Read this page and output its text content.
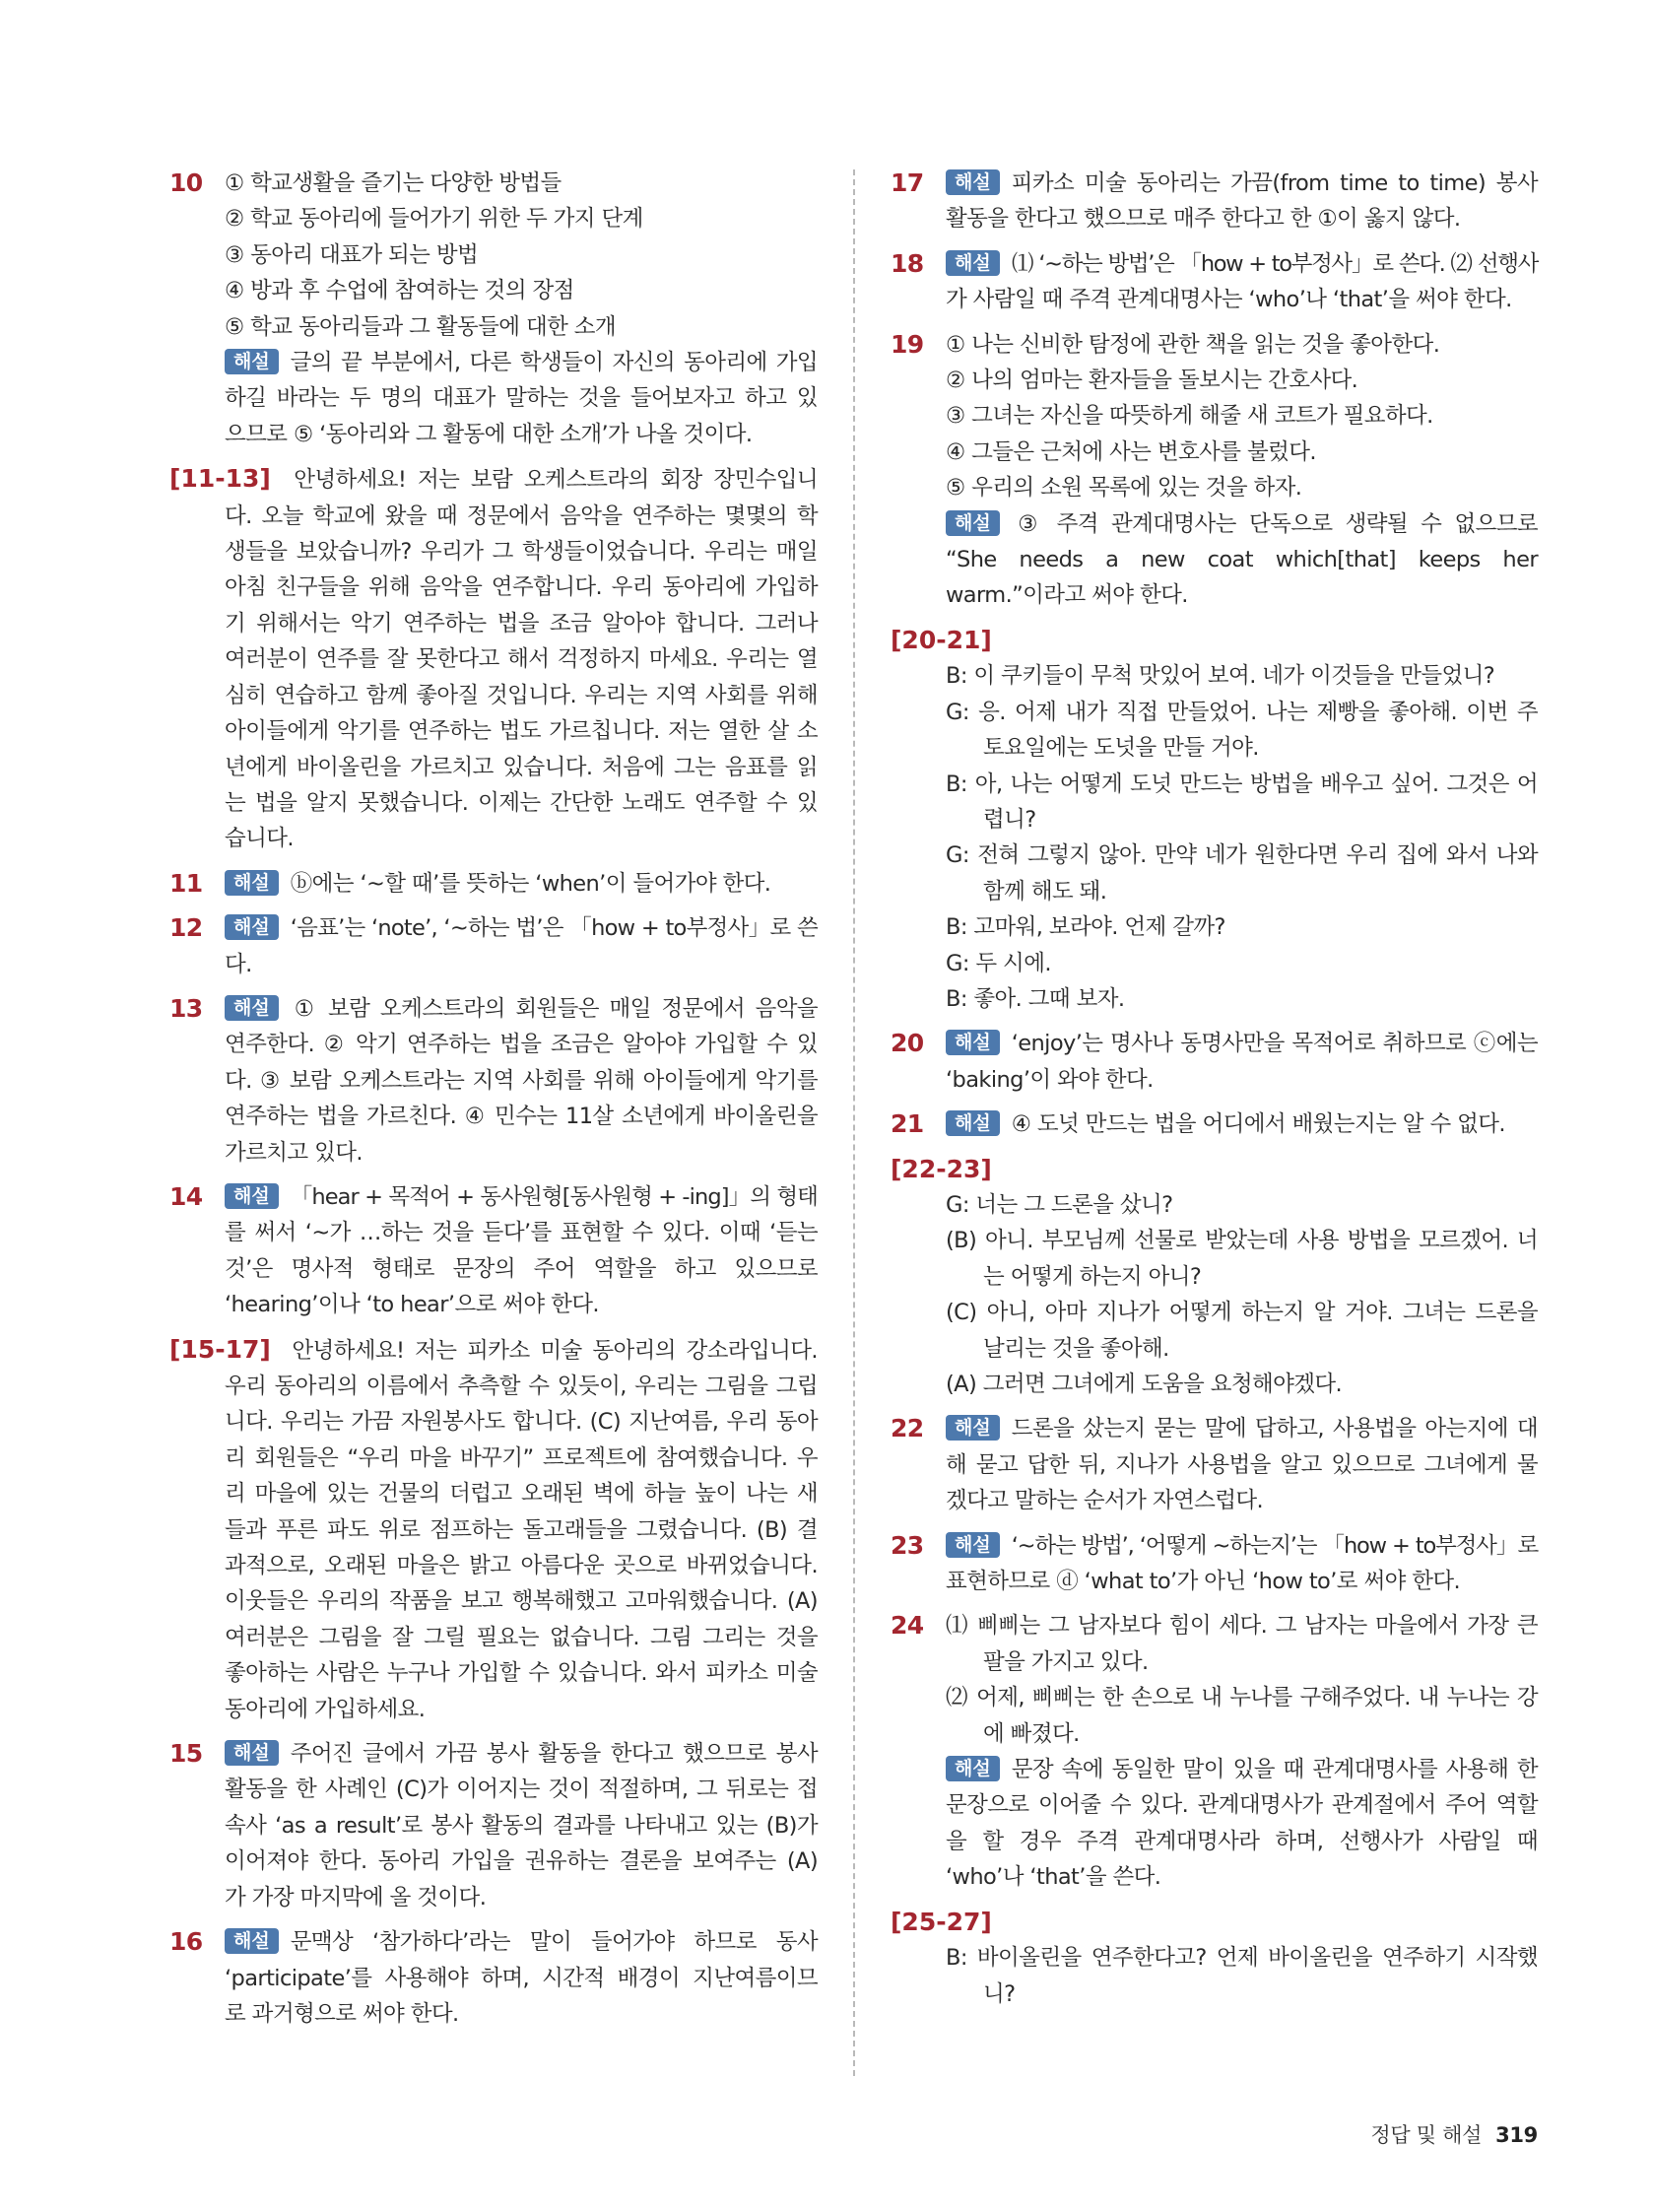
10 ① 학교생활을 즐기는 다양한 방법들
② 학교 동아리에 들어가기 위한 두 가지 단계
③ 동아리 대표가 되는 방법
④ 방과 후 수업에 참여하는 것의 장점
⑤ 학교 동아리들과 그 활동들에 대한 소개
해설 글의 끝 부분에서, 다른 학생들이 자신의 동아리에 가입
하길 바라는 두 명의 대표가 말하는 것을 들어보자고 하고 있
으므로 ⑤ ‘동아리와 그 활동에 대한 소개’가 나올 것이다.
[11-13] 안녕하세요! 저는 보람 오케스트라의 회장 장민수입니
다. 오늘 학교에 왔을 때 정문에서 음악을 연주하는 몇몇의 학
생들을 보았습니까? 우리가 그 학생들이었습니다. 우리는 매일
아침 친구들을 위해 음악을 연주합니다. 우리 동아리에 가입하
기 위해서는 악기 연주하는 법을 조금 알아야 합니다. 그러나
여러분이 연주를 잘 못한다고 해서 걱정하지 마세요. 우리는 열
심히 연습하고 함께 좋아질 것입니다. 우리는 지역 사회를 위해
아이들에게 악기를 연주하는 법도 가르칩니다. 저는 열한 살 소
년에게 바이올린을 가르치고 있습니다. 처음에 그는 음표를 읽
는 법을 알지 못했습니다. 이제는 간단한 노래도 연주할 수 있
습니다.
11	해설 ⓑ에는 ‘~할 때’를 뜻하는 ‘when’이 들어가야 한다.
12	해설 ‘음표’는 ‘note’, ‘~하는 법’은 「how + to부정사」로 쓴
다.
13	해설 ① 보람 오케스트라의 회원들은 매일 정문에서 음악을
연주한다. ② 악기 연주하는 법을 조금은 알아야 가입할 수 있
다. ③ 보람 오케스트라는 지역 사회를 위해 아이들에게 악기를
연주하는 법을 가르친다. ④ 민수는 11살 소년에게 바이올린을
가르치고 있다.
14	해설 「hear + 목적어 + 동사원형[동사원형 + -ing]」의 형태
를 써서 ‘~가 …하는 것을 듣다’를 표현할 수 있다. 이때 ‘듣는
것’은 명사적 형태로 문장의 주어 역할을 하고 있으므로
‘hearing’이나 ‘to hear’으로 써야 한다.
[15-17] 안녕하세요! 저는 피카소 미술 동아리의 강소라입니다.
우리 동아리의 이름에서 추측할 수 있듯이, 우리는 그림을 그립
니다. 우리는 가끔 자원봉사도 합니다. (C) 지난여름, 우리 동아
리 회원들은 “우리 마을 바꾸기” 프로젝트에 참여했습니다. 우
리 마을에 있는 건물의 더럽고 오래된 벽에 하늘 높이 나는 새
들과 푸른 파도 위로 점프하는 돌고래들을 그렸습니다. (B) 결
과적으로, 오래된 마을은 밝고 아름다운 곳으로 바뀌었습니다.
이웃들은 우리의 작품을 보고 행복해했고 고마워했습니다. (A)
여러분은 그림을 잘 그릴 필요는 없습니다. 그림 그리는 것을
좋아하는 사람은 누구나 가입할 수 있습니다. 와서 피카소 미술
동아리에 가입하세요.
15	해설 주어진 글에서 가끔 봉사 활동을 한다고 했으므로 봉사
활동을 한 사례인 (C)가 이어지는 것이 적절하며, 그 뒤로는 접
속사 ‘as a result’로 봉사 활동의 결과를 나타내고 있는 (B)가
이어져야 한다. 동아리 가입을 권유하는 결론을 보여주는 (A)
가 가장 마지막에 올 것이다.
16	해설 문맥상 ‘참가하다’라는 말이 들어가야 하므로 동사
‘participate’를 사용해야 하며, 시간적 배경이 지난여름이므
로 과거형으로 써야 한다.
17	해설 피카소 미술 동아리는 가끔(from time to time) 봉사
활동을 한다고 했으므로 매주 한다고 한 ①이 옳지 않다.
18	해설 ⑴ ‘~하는 방법’은 「how + to부정사」로 쓴다. ⑵ 선행사
가 사람일 때 주격 관계대명사는 ‘who’나 ‘that’을 써야 한다.
19 ① 나는 신비한 탐정에 관한 책을 읽는 것을 좋아한다.
② 나의 엄마는 환자들을 돌보시는 간호사다.
③ 그녀는 자신을 따뜻하게 해줄 새 코트가 필요하다.
④ 그들은 근처에 사는 변호사를 불렀다.
⑤ 우리의 소원 목록에 있는 것을 하자.
해설 ③ 주격 관계대명사는 단독으로 생략될 수 없으므로
“She needs a new coat which[that] keeps her
warm.”이라고 써야 한다.
[20-21]
B: 이 쿠키들이 무척 맛있어 보여. 네가 이것들을 만들었니?
G: 응. 어제 내가 직접 만들었어. 나는 제빵을 좋아해. 이번 주
토요일에는 도넛을 만들 거야.
B: 아, 나는 어떻게 도넛 만드는 방법을 배우고 싶어. 그것은 어
렵니?
G: 전혀 그렇지 않아. 만약 네가 원한다면 우리 집에 와서 나와
함께 해도 돼.
B: 고마워, 보라야. 언제 갈까?
G: 두 시에.
B: 좋아. 그때 보자.
20	해설 ‘enjoy’는 명사나 동명사만을 목적어로 취하므로 ⓒ에는
‘baking’이 와야 한다.
21	해설 ④ 도넛 만드는 법을 어디에서 배웠는지는 알 수 없다.
[22-23]
G: 너는 그 드론을 샀니?
(B) 아니. 부모님께 선물로 받았는데 사용 방법을 모르겠어. 너
는 어떻게 하는지 아니?
(C) 아니, 아마 지나가 어떻게 하는지 알 거야. 그녀는 드론을
날리는 것을 좋아해.
(A) 그러면 그녀에게 도움을 요청해야겠다.
22	해설 드론을 샀는지 묻는 말에 답하고, 사용법을 아는지에 대
해 묻고 답한 뒤, 지나가 사용법을 알고 있으므로 그녀에게 물
겠다고 말하는 순서가 자연스럽다.
23	해설 ‘~하는 방법’, ‘어떻게 ~하는지’는 「how + to부정사」로
표현하므로 ⓓ ‘what to’가 아닌 ‘how to’로 써야 한다.
24 ⑴ 삐삐는 그 남자보다 힘이 세다. 그 남자는 마을에서 가장 큰
팔을 가지고 있다.
⑵ 어제, 삐삐는 한 손으로 내 누나를 구해주었다. 내 누나는 강
에 빠졌다.
해설 문장 속에 동일한 말이 있을 때 관계대명사를 사용해 한
문장으로 이어줄 수 있다. 관계대명사가 관계절에서 주어 역할
을 할 경우 주격 관계대명사라 하며, 선행사가 사람일 때
‘who’나 ‘that’을 쓴다.
[25-27]
B: 바이올린을 연주한다고? 언제 바이올린을 연주하기 시작했
니?
정답 및 해설 319
